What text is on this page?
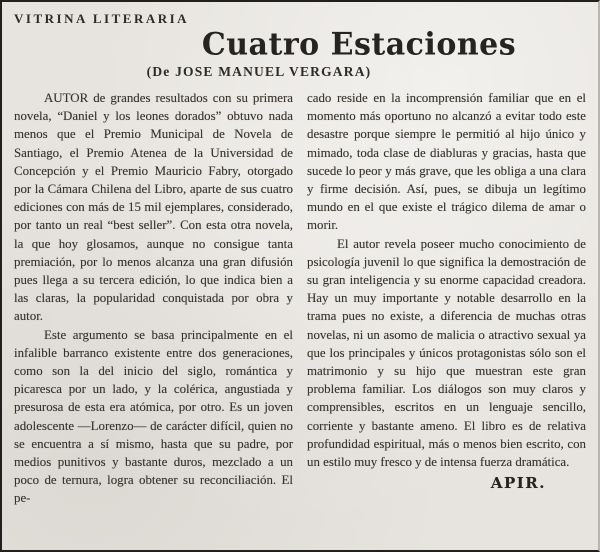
VITRINA LITERARIA
Cuatro Estaciones
(De JOSE MANUEL VERGARA)

AUTOR de grandes resultados con su primera novela, “Daniel y los leones dorados” obtuvo nada menos que el Premio Municipal de Novela de Santiago, el Premio Atenea de la Universidad de Concepción y el Premio Mauricio Fabry, otorgado por la Cámara Chilena del Libro, aparte de sus cuatro ediciones con más de 15 mil ejemplares, considerado, por tanto un real “best seller”. Con esta otra novela, la que hoy glosamos, aunque no consigue tanta premiación, por lo menos alcanza una gran difusión pues llega a su tercera edición, lo que indica bien a las claras, la popularidad conquistada por obra y autor.

Este argumento se basa principalmente en el infalible barranco existente entre dos generaciones, como son la del inicio del siglo, romántica y picaresca por un lado, y la colérica, angustiada y presurosa de esta era atómica, por otro. Es un joven adolescente —Lorenzo— de carácter difícil, quien no se encuentra a sí mismo, hasta que su padre, por medios punitivos y bastante duros, mezclado a un poco de ternura, logra obtener su reconciliación. El pe-

cado reside en la incomprensión familiar que en el momento más oportuno no alcanzó a evitar todo este desastre porque siempre le permitió al hijo único y mimado, toda clase de diabluras y gracias, hasta que sucede lo peor y más grave, que les obliga a una clara y firme decisión. Así, pues, se dibuja un legítimo mundo en el que existe el trágico dilema de amar o morir.

El autor revela poseer mucho conocimiento de psicología juvenil lo que significa la demostración de su gran inteligencia y su enorme capacidad creadora. Hay un muy importante y notable desarrollo en la trama pues no existe, a diferencia de muchas otras novelas, ni un asomo de malicia o atractivo sexual ya que los principales y únicos protagonistas sólo son el matrimonio y su hijo que muestran este gran problema familiar. Los diálogos son muy claros y comprensibles, escritos en un lenguaje sencillo, corriente y bastante ameno. El libro es de relativa profundidad espiritual, más o menos bien escrito, con un estilo muy fresco y de intensa fuerza dramática.

APIR.
